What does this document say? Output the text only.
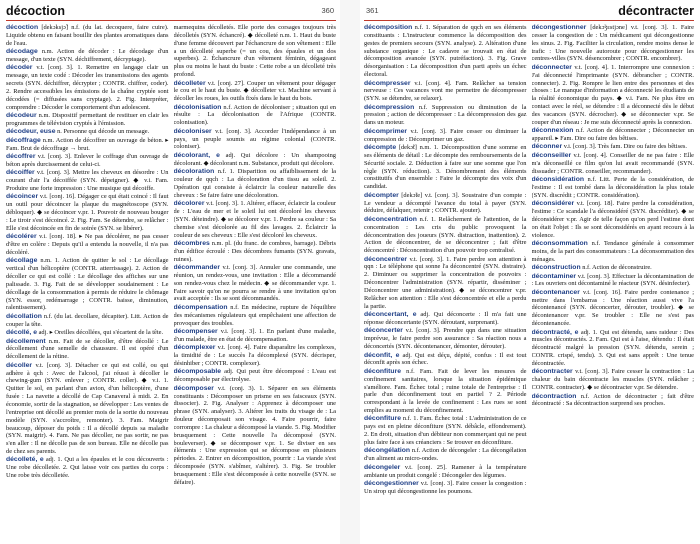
décoction	360

décoction [dekɔksjɔ̃] n.f. (du lat. decoquere, faire cuire). Liquide obtenu en faisant bouillir des plantes aromatiques dans de l'eau.

décodage n.m. Action de décoder : Le décodage d'un message, d'un texte (SYN. déchiffrement, décryptage).

décoder v.t. [conj. 3]. 1. Remettre en langage clair un message, un texte codé : Décoder les transmissions des agents secrets (SYN. déchiffrer, décrypter ; CONTR. chiffrer, coder). 2. Rendre accessibles les émissions de la chaîne cryptée sont décodées (= diffusées sans cryptage). 2. Fig. Interpréter, comprendre : Décoder le comportement d'un adolescent.

décodeur n.m. Dispositif permettant de restituer en clair les programmes de télévision cryptés à l'émission.

décodeur, euse n. Personne qui décode un message.

décoffrage n.m. Action de décoffrer un ouvrage de béton. ▸ Fam. Brut de décoffrage → brut.

décoffrer v.t. [conj. 3]. Enlever le coffrage d'un ouvrage de béton après durcissement de celui-ci.

décoiffer v.t. [conj. 3]. Mettre les cheveux en désordre : Un courant d'air l'a décoiffée (SYN. dépeigner). ◆ v.i. Fam. Produire une forte impression : Une musique qui décoiffe.

décoincer v.t. [conj. 16]. Dégager ce qui était coincé : Il faut un outil pour décoincer la plaque du magnétoscope (SYN. débloquer). ◆ se décoincer v.pr. 1. Pouvoir de nouveau bouger : Le tiroir s'est décoincé. 2. Fig. Fam. Se détendre, se relâcher : Elle s'est décoincée en fin de soirée (SYN. se libérer).

décolérer v.i. [conj. 18]. ▸ Ne pas décolérer, ne pas cesser d'être en colère : Depuis qu'il a entendu la nouvelle, il n'a pas décoléré.

décollage n.m. 1. Action de quitter le sol : Le décollage vertical d'un hélicoptère (CONTR. atterrissage). 2. Action de décoller ce qui est collé : Le décollage des affiches sur une palissade. 3. Fig. Fait de se développer soudainement : Le décollage de la consommation à permis de réduire le chômage (SYN. essor, redémarrage ; CONTR. baisse, diminution, ralentissement).

décollation n.f. (du lat. decollare, décapiter). Litt. Action de couper la tête.

décollé, e adj. ▸ Oreilles décollées, qui s'écartent de la tête.

décollement n.m. Fait de se décoller, d'être décollé : Le décollement d'une semelle de chaussure. Il est opéré d'un décollement de la rétine.

décoller v.t. [conj. 3]. Détacher ce qui est collé, ou qui adhère à qch : Avec de l'alcool, j'ai réussi à décoller le chewing-gum (SYN. enlever ; CONTR. coller). ◆ v.i. 1. Quitter le sol, en parlant d'un avion, d'un hélicoptère, d'une fusée : La navette a décollé de Cap Canaveral à midi. 2. En économie, sortir de la stagnation, se développer : Les ventes de l'entreprise ont décollé au premier mois de la sortie du nouveau modèle (SYN. s'accroître, remonter). 3. Fam. Maigrir beaucoup, déposer du poids : Il a décollé depuis sa maladie (SYN. maigrir). 4. Fam. Ne pas décoller, ne pas sortir, ne pas s'en aller : Il ne décolle pas de son bureau. Elle ne décolle pas de chez ses parents.

décolleté, e adj. 1. Qui a les épaules et le cou découverts : Une robe décolletée. 2. Qui laisse voir ces parties du corps : Une robe très décolletée.

marmequins décolletés. Elle porte des corsages toujours très décolletés (SYN. échancré). ◆ décolleté n.m. 1. Haut du buste d'une femme découvert par l'échancrure de son vêtement : Elle a un décolleté superbe (= un cou, des épaules et un dos superbes). 2. Échancrure d'un vêtement féminin, dégageant plus ou moins le haut du buste : Cette robe a un décolleté très profond.

décolleter v.t. [conj. 27]. Couper un vêtement pour dégager le cou et le haut du buste. ◆ décolleter v.t. Machine servant à décoller les roues, les outils fixés dans le haut du bois.

décolonisation n.f. Action de décoloniser ; situation qui en résulte : La décolonisation de l'Afrique (CONTR. colonisation).

décoloniser v.t. [conj. 3]. Accorder l'indépendance à un pays, un peuple soumis au régime colonial (CONTR. coloniser).

décolorant, e adj. Qui décolore : Un shampooing décolorant. ◆ décolorant n.m. Substance, produit qui décolore.

décoloration n.f. 1. Disparition ou affaiblissement de la couleur de qqch : La décoloration d'un tissu au soleil. 2. Opération qui consiste à éclaircir la couleur naturelle des cheveux : Se faire faire une décoloration.

décolorer v.t. [conj. 3]. 1. Altérer, effacer, éclaircir la couleur de : L'eau de mer et le soleil lui ont décoloré les cheveux (SYN. déteindre). ◆ se décolorer v.pr. 1. Perdre sa couleur : Sa chemise s'est décolorée au fil des lavages. 2. Éclaircir la couleur de ses cheveux : Elle s'est décoloré les cheveux.

décombres n.m. pl. (du franc. de combres, barrage). Débris d'un édifice écroulé : Des décombres fumants (SYN. gravats, ruines).

décommander v.t. [conj. 3]. Annuler une commande, une réunion, un rendez-vous, une invitation : Elle a décommandé son rendez-vous chez le médecin. ◆ se décommander v.pr. 1. Faire savoir qu'on ne pourra se rendre à une invitation qu'on avait acceptée : Ils se sont décommandés.

décompensation n.f. En médecine, rupture de l'équilibre des mécanismes régulateurs qui empêchaient une affection de provoquer des troubles.

décompenser v.i. [conj. 3]. 1. En parlant d'une maladie, d'un malade, être en état de décompensation.

décomplexer v.t. [conj. 4]. Faire disparaître les complexes, la timidité de : Le succès l'a décomplexé (SYN. décrisper, désinhiber ; CONTR. complexer).

décomposable adj. Qui peut être décomposé : L'eau est décomposable par électrolyse.

décomposer v.t. (conj. 3). 1. Séparer en ses éléments constituants : Décomposer un prisme en ses faisceaux (SYN. dissocier). 2. Fig. Analyser : Apprenez à décomposer une phrase (SYN. analyser). 3. Altérer les traits du visage de : La douleur décomposait son visage. 4. Faire pourrir, faire corrompre : La chaleur a décomposé la viande. 5. Fig. Modifier brusquement : Cette nouvelle l'a décomposé (SYN. bouleverser). ◆ se décomposer v.pr. 1. Se diviser en ses éléments : Une expression qui se décompose en plusieurs périodes. 2. Entrer en décomposition, pourrir : La viande s'est décomposée (SYN. s'abîmer, s'altérer). 3. Fig. Se troubler brusquement : Elle s'est décomposée à cette nouvelle (SYN. se défaire).

361	décontracter

décomposition n.f. 1. Séparation de qqch en ses éléments constituants : L'instructeur commence la décomposition des gestes de premiers secours (SYN. analyse). 2. Altération d'une substance organique : Le cadavre se trouvait en état de décomposition avancée (SYN. putréfaction). 3. Fig. Grave désorganisation : La décomposition d'un parti après un échec électoral.

décompresser v.i. [conj. 4]. Fam. Relâcher sa tension nerveuse : Ces vacances vont me permettre de décompresser (SYN. se détendre, se relaxer).

décompression n.f. Suppression ou diminution de la pression ; action de décompresser : La décompression des gaz dans un moteur.

décomprimer v.t. [conj. 3]. Faire cesser ou diminuer la compression de : Décomprimer un gaz.

décompte [dekɔ̃t] n.m. 1. Décomposition d'une somme en ses éléments de détail : Le décompte des remboursements de la Sécurité sociale. 2. Déduction à faire sur une somme que l'on règle (SYN. réduction). 3. Dénombrement des éléments constitutifs d'un ensemble : Faire le décompte des voix d'un candidat.

décompter [dekɔ̃te] v.t. [conj. 3]. Soustraire d'un compte : Le vendeur a décompté l'avance du total à payer (SYN. déduire, défalquer, retenir ; CONTR. ajouter).

déconcentration n.f. 1. Relâchement de l'attention, de la concentration : Les cris du public provoquent la déconcentration des joueurs (SYN. distraction, inattention). 2. Action de déconcentrer, de se déconcentrer ; fait d'être déconcentré : Déconcentration d'un pouvoir trop centralisé.

déconcentrer v.t. [conj. 3]. 1. Faire perdre son attention à qqn : Le téléphone qui sonne l'a déconcentré (SYN. distraire). 2. Diminuer ou supprimer la concentration de pouvoirs : Déconcentrer l'administration (SYN. répartir, disséminer ; Déconcentrer une administration). ◆ se déconcentrer v.pr. Relâcher son attention : Elle s'est déconcentrée et elle a perdu la partie.

déconcertant, e adj. Qui déconcerte : Il m'a fait une réponse déconcertante (SYN. déroutant, surprenant).

déconcerter v.t. [conj. 3]. Prendre qqn dans une situation imprévue, le faire perdre son assurance : Sa réaction nous a déconcertés (SYN. décontenancer, démonter, dérouter).

déconfit, e adj. Qui est déçu, dépité, confus : Il est tout déconfit après son échec.

déconfiture n.f. Fam. Fait de lever les mesures de confinement sanitaires, lorsque la situation épidémique s'améliore. Fam. Échec total ; ruine totale de l'entreprise : Il parle d'un déconfinement tout en partiel ? 2. Période correspondant à la levée de confinement : Les rues se sont emplies au moment du déconfinement.

déconfiture n.f. 1. Fam. Échec total : L'administration de ce pays est en pleine déconfiture (SYN. débâcle, effondrement). 2. En droit, situation d'un débiteur non commerçant qui ne peut plus faire face à ses créanciers : Se trouver en déconfiture.

décongélation n.f. Action de décongeler : La décongélation d'un aliment au micro-ondes.

décongeler v.t. [conj. 25]. Ramener à la température ambiante un produit congelé : Décongeler des légumes.

décongestionner v.t. [conj. 3]. Faire cesser la congestion : Un sirop qui décongestionne les poumons.

décongestionner [dekɔ̃ʒɛstjɔne] v.t. [conj. 3]. 1. Faire cesser la congestion de : Un médicament qui décongestionne les sinus. 2. Fig. Faciliter la circulation, rendre moins dense le trafic : Une nouvelle autoroute pour décongestionner les centres-villes (SYN. désencombrer ; CONTR. encombrer).

déconnecter v.t. [conj. 4]. 1. Interrompre une connexion : J'ai déconnecté l'imprimante (SYN. débrancher ; CONTR. connecter). 2. Fig. Rompre le lien entre des personnes et des choses : Le manque d'information a déconnecté les étudiants de la réalité économique du pays. ◆ v.i. Fam. Ne plus être en contact avec le réel, se détendre : Il a déconnecté dès le début des vacances (SYN. décrocher). ◆ se déconnecter v.pr. Se couper d'un réseau : Je me suis déconnecté après la connexion.

déconnexion n.f. Action de déconnecter ; Déconnecter un appareil. ▸ Fam. Dire ou faire des bêtises.

déconner v.i. [conj. 3]. Très fam. Dire ou faire des bêtises.

déconseiller v.t. [conj. 4]. Conseiller de ne pas faire : Elle m'a déconseillé ce film qu'on lui avait recommandé (SYN. dissuader ; CONTR. conseiller, recommander).

déconsidération n.f. Litt. Perte de la considération, de l'estime : Il est tombé dans la déconsidération la plus totale (SYN. discrédit ; CONTR. considération).

déconsidérer v.t. [conj. 18]. Faire perdre la considération, l'estime : Ce scandale l'a déconsidéré (SYN. discréditer). ◆ se déconsidérer v.pr. Agir de telle façon qu'on perd l'estime dont on était l'objet : Ils se sont déconsidérés en ayant recours à la violence.

déconsommation n.f. Tendance générale à consommer moins, de la part des consommateurs : La déconsommation des ménages.

déconstruction n.f. Action de déconstruire.

décontaminer v.t. [conj. 3]. Effectuer la décontamination de : Les ouvriers ont décontaminé le réacteur (SYN. désinfecter).

décontenancer v.t. [conj. 16]. Faire perdre contenance ; mettre dans l'embarras : Une réaction aussi vive l'a décontenancé (SYN. déconcerter, dérouter, troubler). ◆ se décontenancer v.pr. Se troubler : Elle ne s'est pas décontenancée.

décontracté, e adj. 1. Qui est détendu, sans raideur : Des muscles décontractés. 2. Fam. Qui est à l'aise, détendu : Il était décontracté malgré la pression (SYN. détendu, serein ; CONTR. crispé, tendu). 3. Qui est sans apprêt : Une tenue décontractée.

décontracter v.t. [conj. 3]. Faire cesser la contraction : La chaleur du bain décontracte les muscles (SYN. relâcher ; CONTR. contracter). ◆ se décontracter v.pr. Se détendre.

décontraction n.f. Action de décontracter ; fait d'être décontracté : Sa décontraction surprend ses proches.
